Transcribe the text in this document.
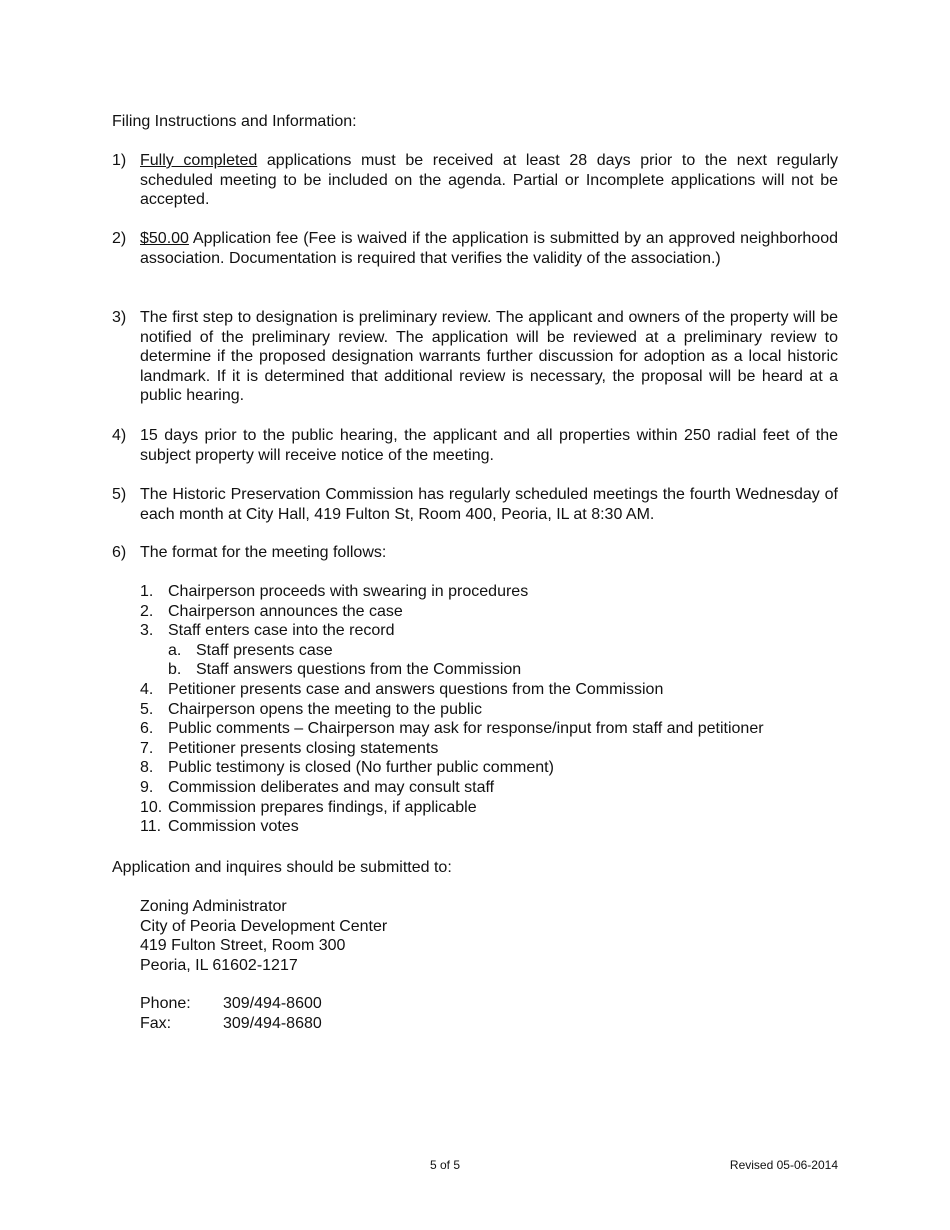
Filing Instructions and Information:
1) Fully completed applications must be received at least 28 days prior to the next regularly scheduled meeting to be included on the agenda. Partial or Incomplete applications will not be accepted.
2) $50.00 Application fee (Fee is waived if the application is submitted by an approved neighborhood association. Documentation is required that verifies the validity of the association.)
3) The first step to designation is preliminary review. The applicant and owners of the property will be notified of the preliminary review. The application will be reviewed at a preliminary review to determine if the proposed designation warrants further discussion for adoption as a local historic landmark. If it is determined that additional review is necessary, the proposal will be heard at a public hearing.
4) 15 days prior to the public hearing, the applicant and all properties within 250 radial feet of the subject property will receive notice of the meeting.
5) The Historic Preservation Commission has regularly scheduled meetings the fourth Wednesday of each month at City Hall, 419 Fulton St, Room 400, Peoria, IL at 8:30 AM.
6) The format for the meeting follows:
1. Chairperson proceeds with swearing in procedures
2. Chairperson announces the case
3. Staff enters case into the record
a. Staff presents case
b. Staff answers questions from the Commission
4. Petitioner presents case and answers questions from the Commission
5. Chairperson opens the meeting to the public
6. Public comments – Chairperson may ask for response/input from staff and petitioner
7. Petitioner presents closing statements
8. Public testimony is closed (No further public comment)
9. Commission deliberates and may consult staff
10. Commission prepares findings, if applicable
11. Commission votes
Application and inquires should be submitted to:
Zoning Administrator
City of Peoria Development Center
419 Fulton Street, Room 300
Peoria, IL 61602-1217
Phone: 309/494-8600
Fax:	309/494-8680
5 of 5	Revised 05-06-2014
